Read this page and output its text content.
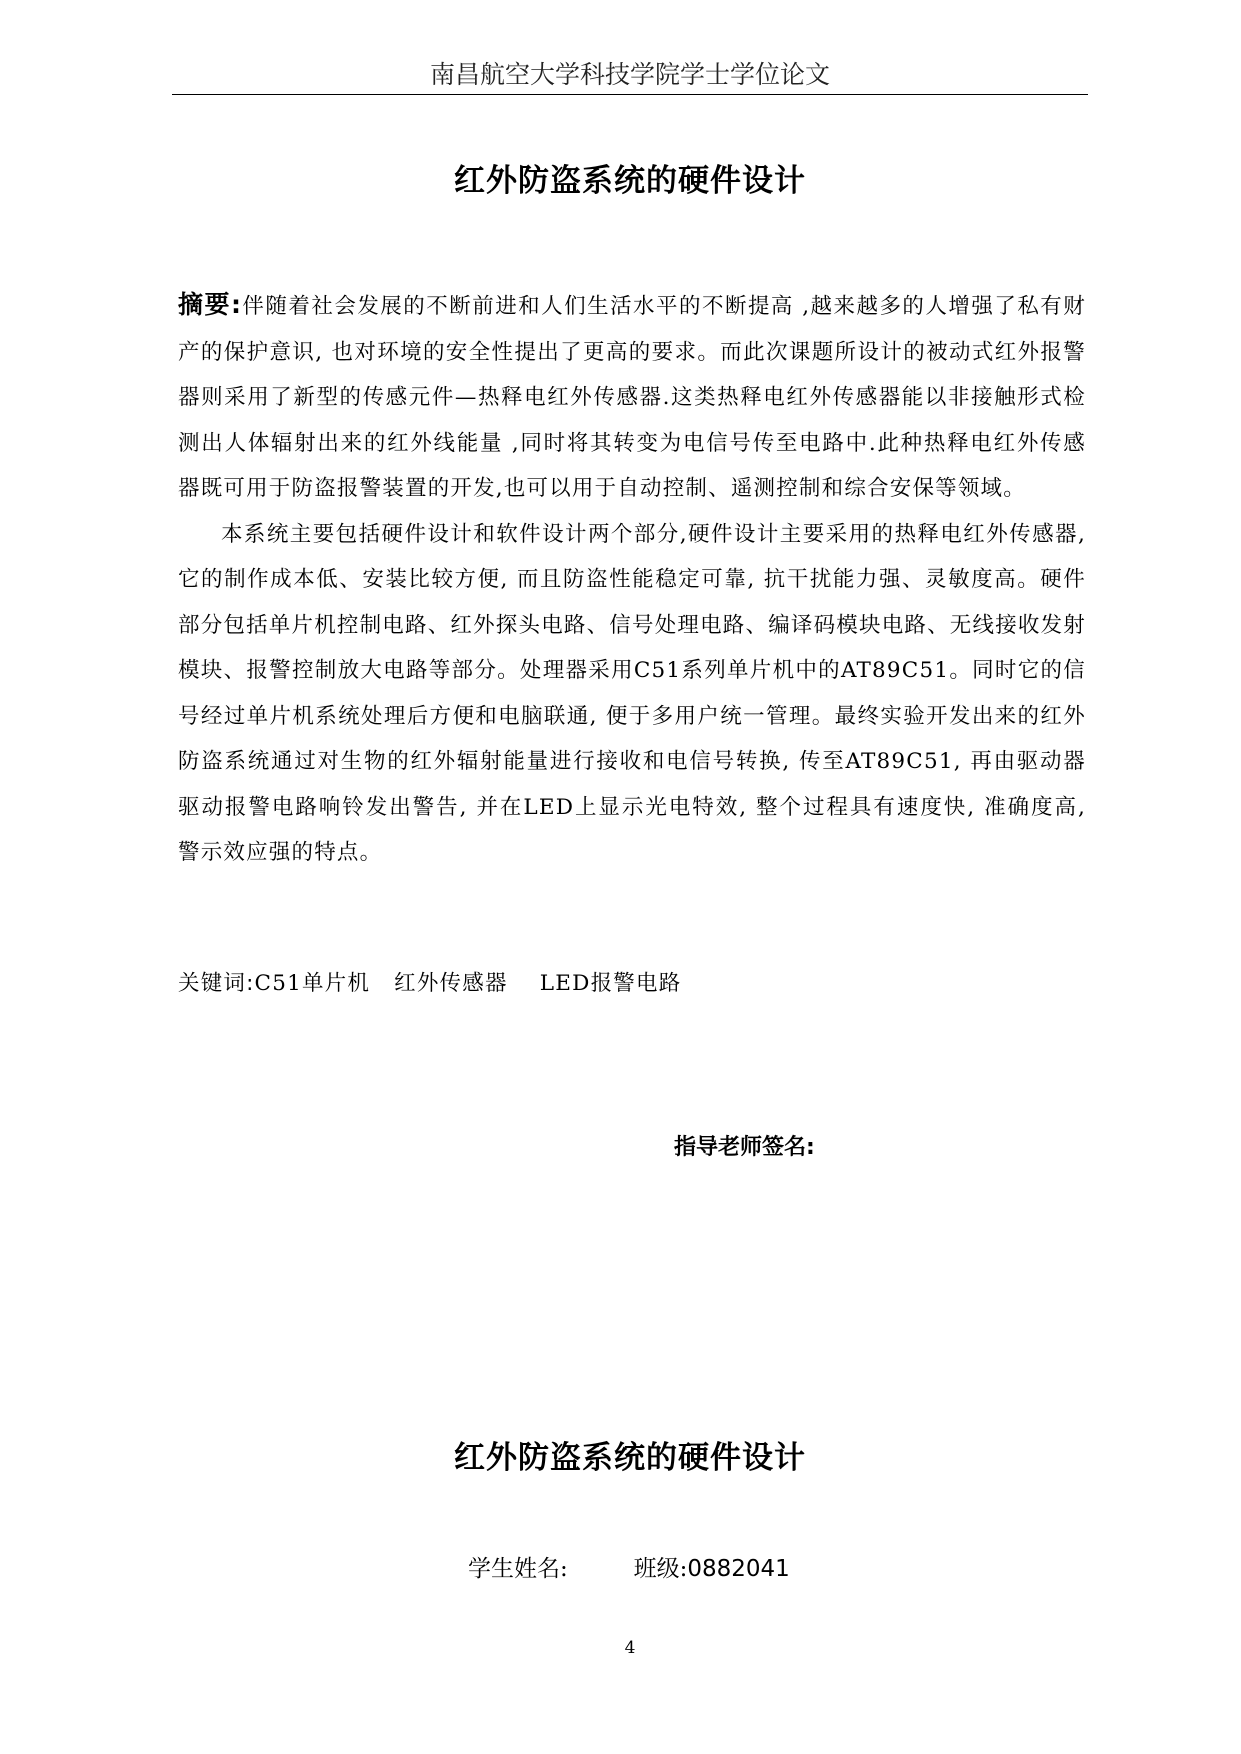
南昌航空大学科技学院学士学位论文
红外防盗系统的硬件设计

摘要:伴随着社会发展的不断前进和人们生活水平的不断提高 ,越来越多的人增强了私有财产的保护意识, 也对环境的安全性提出了更高的要求。而此次课题所设计的被动式红外报警器则采用了新型的传感元件—热释电红外传感器.这类热释电红外传感器能以非接触形式检测出人体辐射出来的红外线能量 ,同时将其转变为电信号传至电路中.此种热释电红外传感器既可用于防盗报警装置的开发,也可以用于自动控制、遥测控制和综合安保等领域。

本系统主要包括硬件设计和软件设计两个部分,硬件设计主要采用的热释电红外传感器, 它的制作成本低、安装比较方便, 而且防盗性能稳定可靠, 抗干扰能力强、灵敏度高。硬件部分包括单片机控制电路、红外探头电路、信号处理电路、编译码模块电路、无线接收发射模块、报警控制放大电路等部分。处理器采用C51系列单片机中的AT89C51。同时它的信号经过单片机系统处理后方便和电脑联通, 便于多用户统一管理。最终实验开发出来的红外防盗系统通过对生物的红外辐射能量进行接收和电信号转换, 传至AT89C51, 再由驱动器驱动报警电路响铃发出警告, 并在LED上显示光电特效, 整个过程具有速度快, 准确度高, 警示效应强的特点。

关键词:C51单片机   红外传感器    LED报警电路
指导老师签名:
红外防盗系统的硬件设计
学生姓名:	班级:0882041
4
